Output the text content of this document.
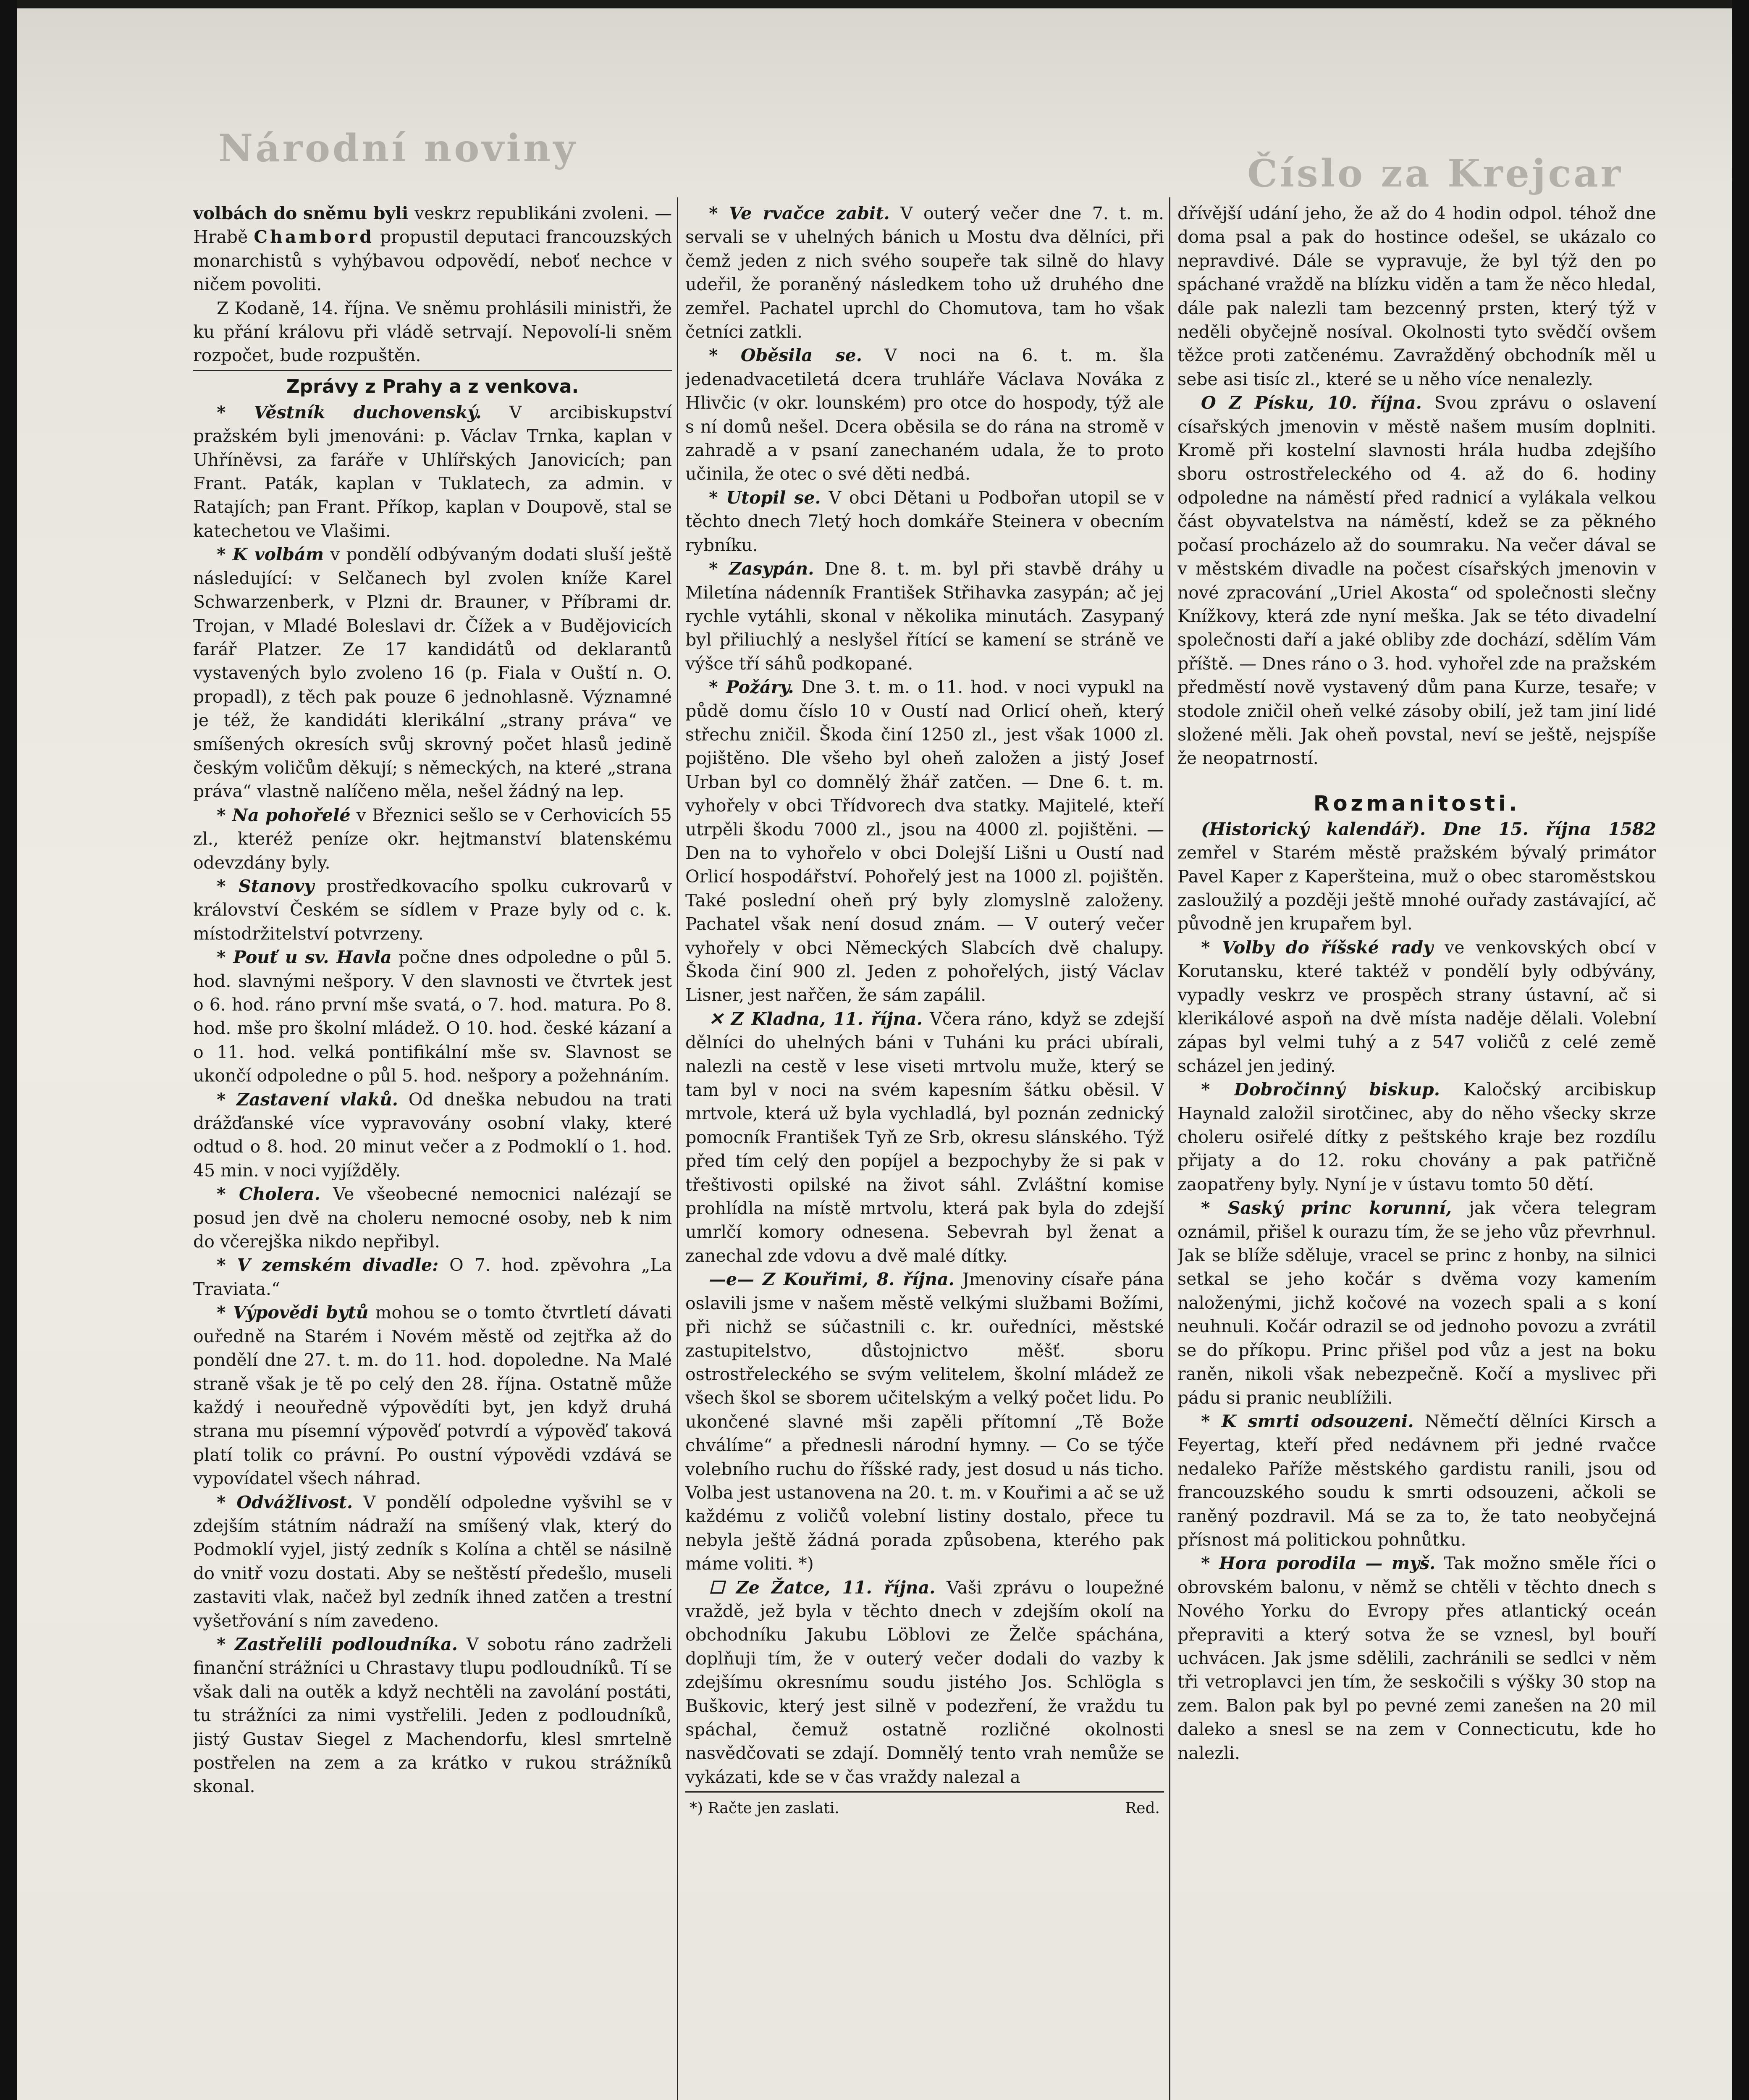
Národní noviny
Číslo za Krejcar

volbách do sněmu byli veskrz republikáni zvoleni. — Hrabě Chambord propustil deputaci francouzských monarchistů s vyhýbavou odpovědí, neboť nechce v ničem povoliti.

Z Kodaně, 14. října. Ve sněmu prohlásili ministři, že ku přání královu při vládě setrvají. Nepovolí-li sněm rozpočet, bude rozpuštěn.

Zprávy z Prahy a z venkova.

* Věstník duchovenský. V arcibiskupství pražském byli jmenováni: p. Václav Trnka, kaplan v Uhříněvsi, za faráře v Uhlířských Janovicích; pan Frant. Paták, kaplan v Tuklatech, za admin. v Ratajích; pan Frant. Příkop, kaplan v Doupově, stal se katechetou ve Vlašimi.

* K volbám v pondělí odbývaným dodati sluší ještě následující: v Selčanech byl zvolen kníže Karel Schwarzenberk, v Plzni dr. Brauner, v Příbrami dr. Trojan, v Mladé Boleslavi dr. Čížek a v Budějovicích farář Platzer. Ze 17 kandidátů od deklarantů vystavených bylo zvoleno 16 (p. Fiala v Ouští n. O. propadl), z těch pak pouze 6 jednohlasně. Významné je též, že kandidáti klerikální „strany práva“ ve smíšených okresích svůj skrovný počet hlasů jedině českým voličům děkují; s německých, na které „strana práva“ vlastně nalíčeno měla, nešel žádný na lep.

* Na pohořelé v Březnici sešlo se v Cerhovicích 55 zl., kteréž peníze okr. hejtmanství blatenskému odevzdány byly.

* Stanovy prostředkovacího spolku cukrovarů v království Českém se sídlem v Praze byly od c. k. místodržitelství potvrzeny.

* Pouť u sv. Havla počne dnes odpoledne o půl 5. hod. slavnými nešpory. V den slavnosti ve čtvrtek jest o 6. hod. ráno první mše svatá, o 7. hod. matura. Po 8. hod. mše pro školní mládež. O 10. hod. české kázaní a o 11. hod. velká pontifikální mše sv. Slavnost se ukončí odpoledne o půl 5. hod. nešpory a požehnáním.

* Zastavení vlaků. Od dneška nebudou na trati drážďanské více vypravovány osobní vlaky, které odtud o 8. hod. 20 minut večer a z Podmoklí o 1. hod. 45 min. v noci vyjížděly.

* Cholera. Ve všeobecné nemocnici nalézají se posud jen dvě na choleru nemocné osoby, neb k nim do včerejška nikdo nepřibyl.

* V zemském divadle: O 7. hod. zpěvohra „La Traviata.“

* Výpovědi bytů mohou se o tomto čtvrtletí dávati ouředně na Starém i Novém městě od zejtřka až do pondělí dne 27. t. m. do 11. hod. dopoledne. Na Malé straně však je tě po celý den 28. října. Ostatně může každý i neouředně výpovědíti byt, jen když druhá strana mu písemní výpověď potvrdí a výpověď taková platí tolik co právní. Po oustní výpovědi vzdává se vypovídatel všech náhrad.

* Odvážlivost. V pondělí odpoledne vyšvihl se v zdejším státním nádraží na smíšený vlak, který do Podmoklí vyjel, jistý zedník s Kolína a chtěl se násilně do vnitř vozu dostati. Aby se neštěstí předešlo, museli zastaviti vlak, načež byl zedník ihned zatčen a trestní vyšetřování s ním zavedeno.

* Zastřelili podloudníka. V sobotu ráno zadrželi finanční strážníci u Chrastavy tlupu podloudníků. Tí se však dali na outěk a když nechtěli na zavolání postáti, tu strážníci za nimi vystřelili. Jeden z podloudníků, jistý Gustav Siegel z Machendorfu, klesl smrtelně postřelen na zem a za krátko v rukou strážníků skonal.

* Ve rvačce zabit. V outerý večer dne 7. t. m. servali se v uhelných bánich u Mostu dva dělníci, při čemž jeden z nich svého soupeře tak silně do hlavy udeřil, že poraněný následkem toho už druhého dne zemřel. Pachatel uprchl do Chomutova, tam ho však četníci zatkli.

* Oběsila se. V noci na 6. t. m. šla jedenadvacetiletá dcera truhláře Václava Nováka z Hlivčic (v okr. lounském) pro otce do hospody, týž ale s ní domů nešel. Dcera oběsila se do rána na stromě v zahradě a v psaní zanechaném udala, že to proto učinila, že otec o své děti nedbá.

* Utopil se. V obci Dětani u Podbořan utopil se v těchto dnech 7letý hoch domkáře Steinera v obecním rybníku.

* Zasypán. Dne 8. t. m. byl při stavbě dráhy u Miletína nádenník František Střihavka zasypán; ač jej rychle vytáhli, skonal v několika minutách. Zasypaný byl přiliuchlý a neslyšel řítící se kamení se stráně ve výšce tří sáhů podkopané.

* Požáry. Dne 3. t. m. o 11. hod. v noci vypukl na půdě domu číslo 10 v Oustí nad Orlicí oheň, který střechu zničil. Škoda činí 1250 zl., jest však 1000 zl. pojištěno. Dle všeho byl oheň založen a jistý Josef Urban byl co domnělý žhář zatčen. — Dne 6. t. m. vyhořely v obci Třídvorech dva statky. Majitelé, kteří utrpěli škodu 7000 zl., jsou na 4000 zl. pojištěni. — Den na to vyhořelo v obci Dolejší Lišni u Oustí nad Orlicí hospodářství. Pohořelý jest na 1000 zl. pojištěn. Také poslední oheň prý byly zlomyslně založeny. Pachatel však není dosud znám. — V outerý večer vyhořely v obci Německých Slabcích dvě chalupy. Škoda činí 900 zl. Jeden z pohořelých, jistý Václav Lisner, jest nařčen, že sám zapálil.

✕ Z Kladna, 11. října. Včera ráno, když se zdejší dělníci do uhelných báni v Tuháni ku práci ubírali, nalezli na cestě v lese viseti mrtvolu muže, který se tam byl v noci na svém kapesním šátku oběsil. V mrtvole, která už byla vychladlá, byl poznán zednický pomocník František Tyň ze Srb, okresu slánského. Týž před tím celý den popíjel a bezpochyby že si pak v třeštivosti opilské na život sáhl. Zvláštní komise prohlídla na místě mrtvolu, která pak byla do zdejší umrlčí komory odnesena. Sebevrah byl ženat a zanechal zde vdovu a dvě malé dítky.

—e— Z Kouřimi, 8. října. Jmenoviny císaře pána oslavili jsme v našem městě velkými službami Božími, při nichž se súčastnili c. kr. ouředníci, městské zastupitelstvo, důstojnictvo měšť. sboru ostrostřeleckého se svým velitelem, školní mládež ze všech škol se sborem učitelským a velký počet lidu. Po ukončené slavné mši zapěli přítomní „Tě Bože chválíme“ a přednesli národní hymny. — Co se týče volebního ruchu do říšské rady, jest dosud u nás ticho. Volba jest ustanovena na 20. t. m. v Kouřimi a ač se už každému z voličů volební listiny dostalo, přece tu nebyla ještě žádná porada způsobena, kterého pak máme voliti. *)

☐ Ze Žatce, 11. října. Vaši zprávu o loupežné vraždě, jež byla v těchto dnech v zdejším okolí na obchodníku Jakubu Löblovi ze Želče spáchána, doplňuji tím, že v outerý večer dodali do vazby k zdejšímu okresnímu soudu jistého Jos. Schlögla s Buškovic, který jest silně v podezření, že vraždu tu spáchal, čemuž ostatně rozličné okolnosti nasvědčovati se zdají. Domnělý tento vrah nemůže se vykázati, kde se v čas vraždy nalezal a

*) Račte jen zaslati.	Red.

dřívější udání jeho, že až do 4 hodin odpol. téhož dne doma psal a pak do hostince odešel, se ukázalo co nepravdivé. Dále se vypravuje, že byl týž den po spáchané vraždě na blízku viděn a tam že něco hledal, dále pak nalezli tam bezcenný prsten, který týž v neděli obyčejně nosíval. Okolnosti tyto svědčí ovšem těžce proti zatčenému. Zavražděný obchodník měl u sebe asi tisíc zl., které se u něho více nenalezly.

O Z Písku, 10. října. Svou zprávu o oslavení císařských jmenovin v městě našem musím doplniti. Kromě při kostelní slavnosti hrála hudba zdejšího sboru ostrostřeleckého od 4. až do 6. hodiny odpoledne na náměstí před radnicí a vylákala velkou část obyvatelstva na náměstí, kdež se za pěkného počasí procházelo až do soumraku. Na večer dával se v městském divadle na počest císařských jmenovin v nové zpracování „Uriel Akosta“ od společnosti slečny Knížkovy, která zde nyní meška. Jak se této divadelní společnosti daří a jaké obliby zde dochází, sdělím Vám příště. — Dnes ráno o 3. hod. vyhořel zde na pražském předměstí nově vystavený dům pana Kurze, tesaře; v stodole zničil oheň velké zásoby obilí, jež tam jiní lidé složené měli. Jak oheň povstal, neví se ještě, nejspíše že neopatrností.

Rozmanitosti.

(Historický kalendář). Dne 15. října 1582 zemřel v Starém městě pražském bývalý primátor Pavel Kaper z Kaperšteina, muž o obec staroměstskou zasloužilý a později ještě mnohé ouřady zastávající, ač původně jen krupařem byl.

* Volby do říšské rady ve venkovských obcí v Korutansku, které taktéž v pondělí byly odbývány, vypadly veskrz ve prospěch strany ústavní, ač si klerikálové aspoň na dvě místa naděje dělali. Volební zápas byl velmi tuhý a z 547 voličů z celé země scházel jen jediný.

* Dobročinný biskup. Kaločský arcibiskup Haynald založil sirotčinec, aby do něho všecky skrze choleru osiřelé dítky z peštského kraje bez rozdílu přijaty a do 12. roku chovány a pak patřičně zaopatřeny byly. Nyní je v ústavu tomto 50 dětí.

* Saský princ korunní, jak včera telegram oznámil, přišel k ourazu tím, že se jeho vůz převrhnul. Jak se blíže sděluje, vracel se princ z honby, na silnici setkal se jeho kočár s dvěma vozy kamením naloženými, jichž kočové na vozech spali a s koní neuhnuli. Kočár odrazil se od jednoho povozu a zvrátil se do příkopu. Princ přišel pod vůz a jest na boku raněn, nikoli však nebezpečně. Kočí a myslivec při pádu si pranic neublížili.

* K smrti odsouzeni. Němečtí dělníci Kirsch a Feyertag, kteří před nedávnem při jedné rvačce nedaleko Paříže městského gardistu ranili, jsou od francouzského soudu k smrti odsouzeni, ačkoli se raněný pozdravil. Má se za to, že tato neobyčejná přísnost má politickou pohnůtku.

* Hora porodila — myš. Tak možno směle říci o obrovském balonu, v němž se chtěli v těchto dnech s Nového Yorku do Evropy přes atlantický oceán přepraviti a který sotva že se vznesl, byl bouří uchvácen. Jak jsme sdělili, zachránili se sedlci v něm tři vetroplavci jen tím, že seskočili s výšky 30 stop na zem. Balon pak byl po pevné zemi zanešen na 20 mil daleko a snesl se na zem v Connecticutu, kde ho nalezli.
